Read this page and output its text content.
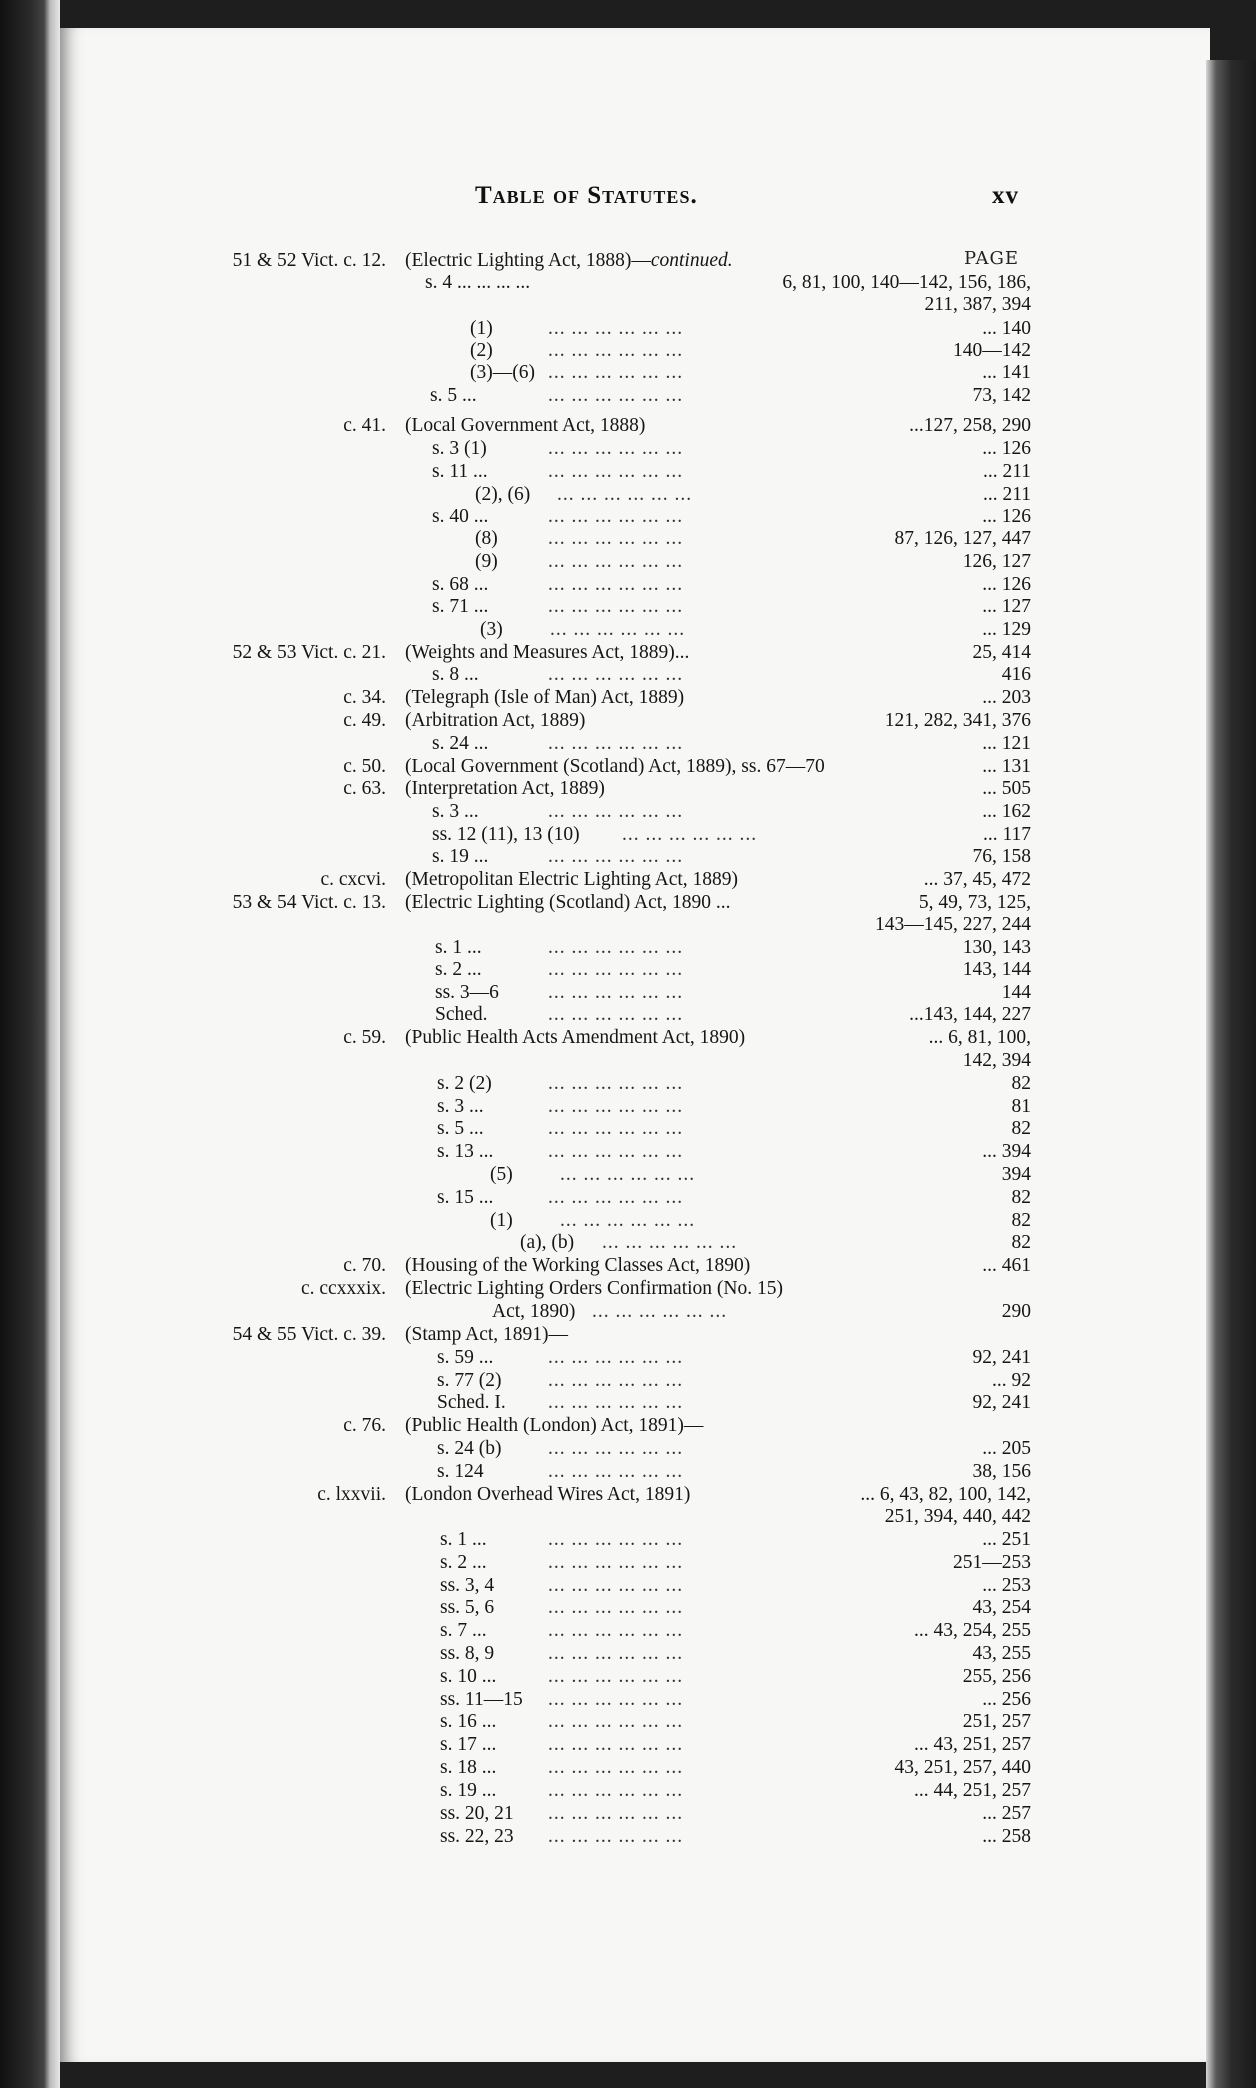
Table of Statutes.	xv
PAGE
51 & 52 Vict. c. 12. (Electric Lighting Act, 1888)—continued.
s. 4 ... ... ... ...	6, 81, 100, 140—142, 156, 186,
211, 387, 394
(1)	... ... ... ... ... ...	... 140
(2)	... ... ... ... ... ...	140—142
(3)—(6) ... ... ... ... ... ...	... 141
s. 5 ...	... ... ... ... ... ...	73, 142
c. 41. (Local Government Act, 1888)	...127, 258, 290
s. 3 (1)	... ... ... ... ... ...	... 126
s. 11 ...	... ... ... ... ... ...	... 211
(2), (6) ... ... ... ... ... ...	... 211
s. 40 ...	... ... ... ... ... ...	... 126
(8)	... ... ... ... ... ...	87, 126, 127, 447
(9)	... ... ... ... ... ...	126, 127
s. 68 ...	... ... ... ... ... ...	... 126
s. 71 ...	... ... ... ... ... ...	... 127
(3) ... ... ... ... ... ...	... 129
52 & 53 Vict. c. 21. (Weights and Measures Act, 1889)...	25, 414
s. 8 ...	... ... ... ... ... ...	416
c. 34. (Telegraph (Isle of Man) Act, 1889)	... 203
c. 49. (Arbitration Act, 1889)	121, 282, 341, 376
s. 24 ...	... ... ... ... ... ...	... 121
c. 50. (Local Government (Scotland) Act, 1889), ss. 67—70	... 131
c. 63. (Interpretation Act, 1889)	... 505
s. 3 ...	... ... ... ... ... ...	... 162
ss. 12 (11), 13 (10) ... ... ... ... ... ...	... 117
s. 19 ...	... ... ... ... ... ...	76, 158
c. cxcvi. (Metropolitan Electric Lighting Act, 1889)	... 37, 45, 472
53 & 54 Vict. c. 13. (Electric Lighting (Scotland) Act, 1890 ...	5, 49, 73, 125,
143—145, 227, 244
s. 1 ...	... ... ... ... ... ...	130, 143
s. 2 ...	... ... ... ... ... ...	143, 144
ss. 3—6	... ... ... ... ... ...	144
Sched.	... ... ... ... ... ...	...143, 144, 227
c. 59. (Public Health Acts Amendment Act, 1890)	... 6, 81, 100,
142, 394
s. 2 (2)	... ... ... ... ... ...	82
s. 3 ...	... ... ... ... ... ...	81
s. 5 ...	... ... ... ... ... ...	82
s. 13 ...	... ... ... ... ... ...	... 394
(5) ... ... ... ... ... ...	394
s. 15 ...	... ... ... ... ... ...	82
(1) ... ... ... ... ... ...	82
(a), (b) ... ... ... ... ... ...	82
c. 70. (Housing of the Working Classes Act, 1890)	... 461
c. ccxxxix. (Electric Lighting Orders Confirmation (No. 15)
Act, 1890) ... ... ... ... ... ...	290
54 & 55 Vict. c. 39. (Stamp Act, 1891)—
s. 59 ...	... ... ... ... ... ...	92, 241
s. 77 (2) ... ... ... ... ... ...	... 92
Sched. I. ... ... ... ... ... ...	92, 241
c. 76. (Public Health (London) Act, 1891)—
s. 24 (b) ... ... ... ... ... ...	... 205
s. 124	... ... ... ... ... ...	38, 156
c. lxxvii. (London Overhead Wires Act, 1891)	... 6, 43, 82, 100, 142,
251, 394, 440, 442
s. 1 ...	... ... ... ... ... ...	... 251
s. 2 ...	... ... ... ... ... ...	251—253
ss. 3, 4	... ... ... ... ... ...	... 253
ss. 5, 6	... ... ... ... ... ...	43, 254
s. 7 ...	... ... ... ... ... ...	... 43, 254, 255
ss. 8, 9	... ... ... ... ... ...	43, 255
s. 10 ...	... ... ... ... ... ...	255, 256
ss. 11—15 ... ... ... ... ... ...	... 256
s. 16 ...	... ... ... ... ... ...	251, 257
s. 17 ...	... ... ... ... ... ...	... 43, 251, 257
s. 18 ...	... ... ... ... ... ...	43, 251, 257, 440
s. 19 ...	... ... ... ... ... ...	... 44, 251, 257
ss. 20, 21 ... ... ... ... ... ...	... 257
ss. 22, 23 ... ... ... ... ... ...	... 258
